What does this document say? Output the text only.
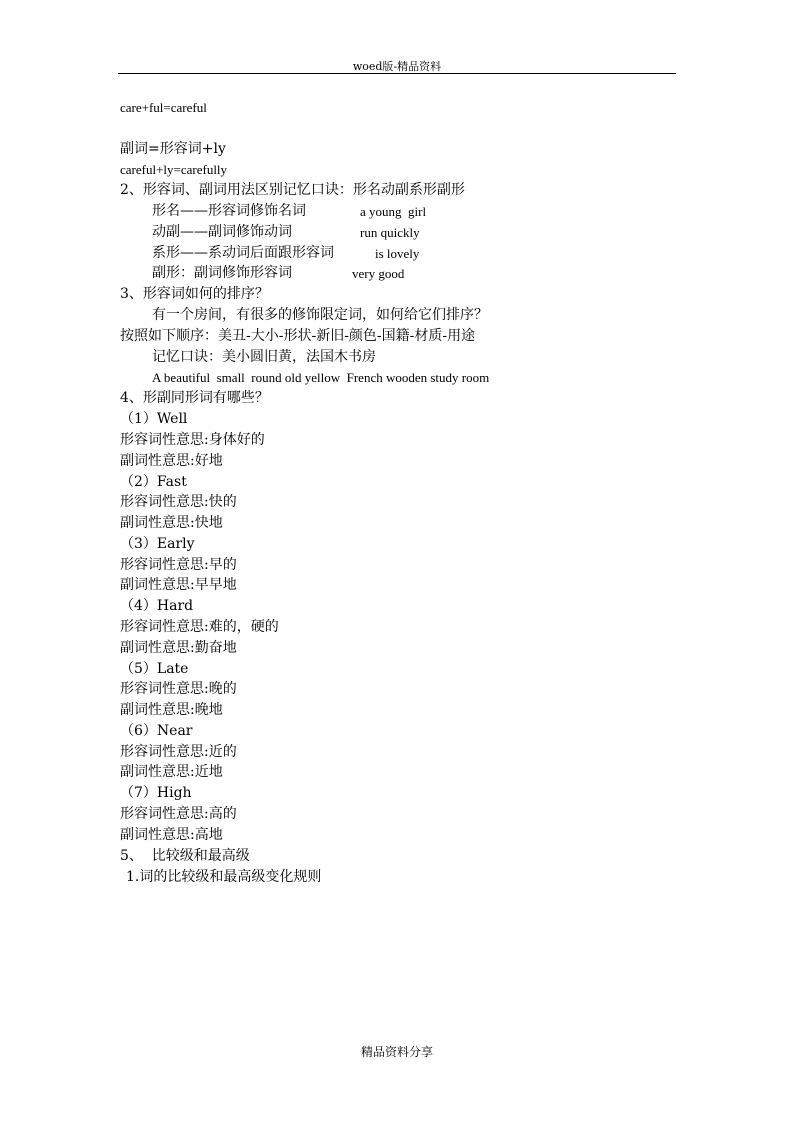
woed版-精品资料
care+ful=careful
副词=形容词+ly
careful+ly=carefully
2、形容词、副词用法区别记忆口诀：形名动副系形副形
形名——形容词修饰名词	a young  girl
动副——副词修饰动词	run quickly
系形——系动词后面跟形容词	is lovely
副形：副词修饰形容词	very good
3、形容词如何的排序？
有一个房间，有很多的修饰限定词，如何给它们排序？
按照如下顺序：美丑-大小-形状-新旧-颜色-国籍-材质-用途
记忆口诀：美小圆旧黄，法国木书房
A beautiful  small  round old yellow  French wooden study room
4、形副同形词有哪些？
（1）Well
形容词性意思:身体好的
副词性意思:好地
（2）Fast
形容词性意思:快的
副词性意思:快地
（3）Early
形容词性意思:早的
副词性意思:早早地
（4）Hard
形容词性意思:难的，硬的
副词性意思:勤奋地
（5）Late
形容词性意思:晚的
副词性意思:晚地
（6）Near
形容词性意思:近的
副词性意思:近地
（7）High
形容词性意思:高的
副词性意思:高地
5、  比较级和最高级
1.词的比较级和最高级变化规则
精品资料分享
